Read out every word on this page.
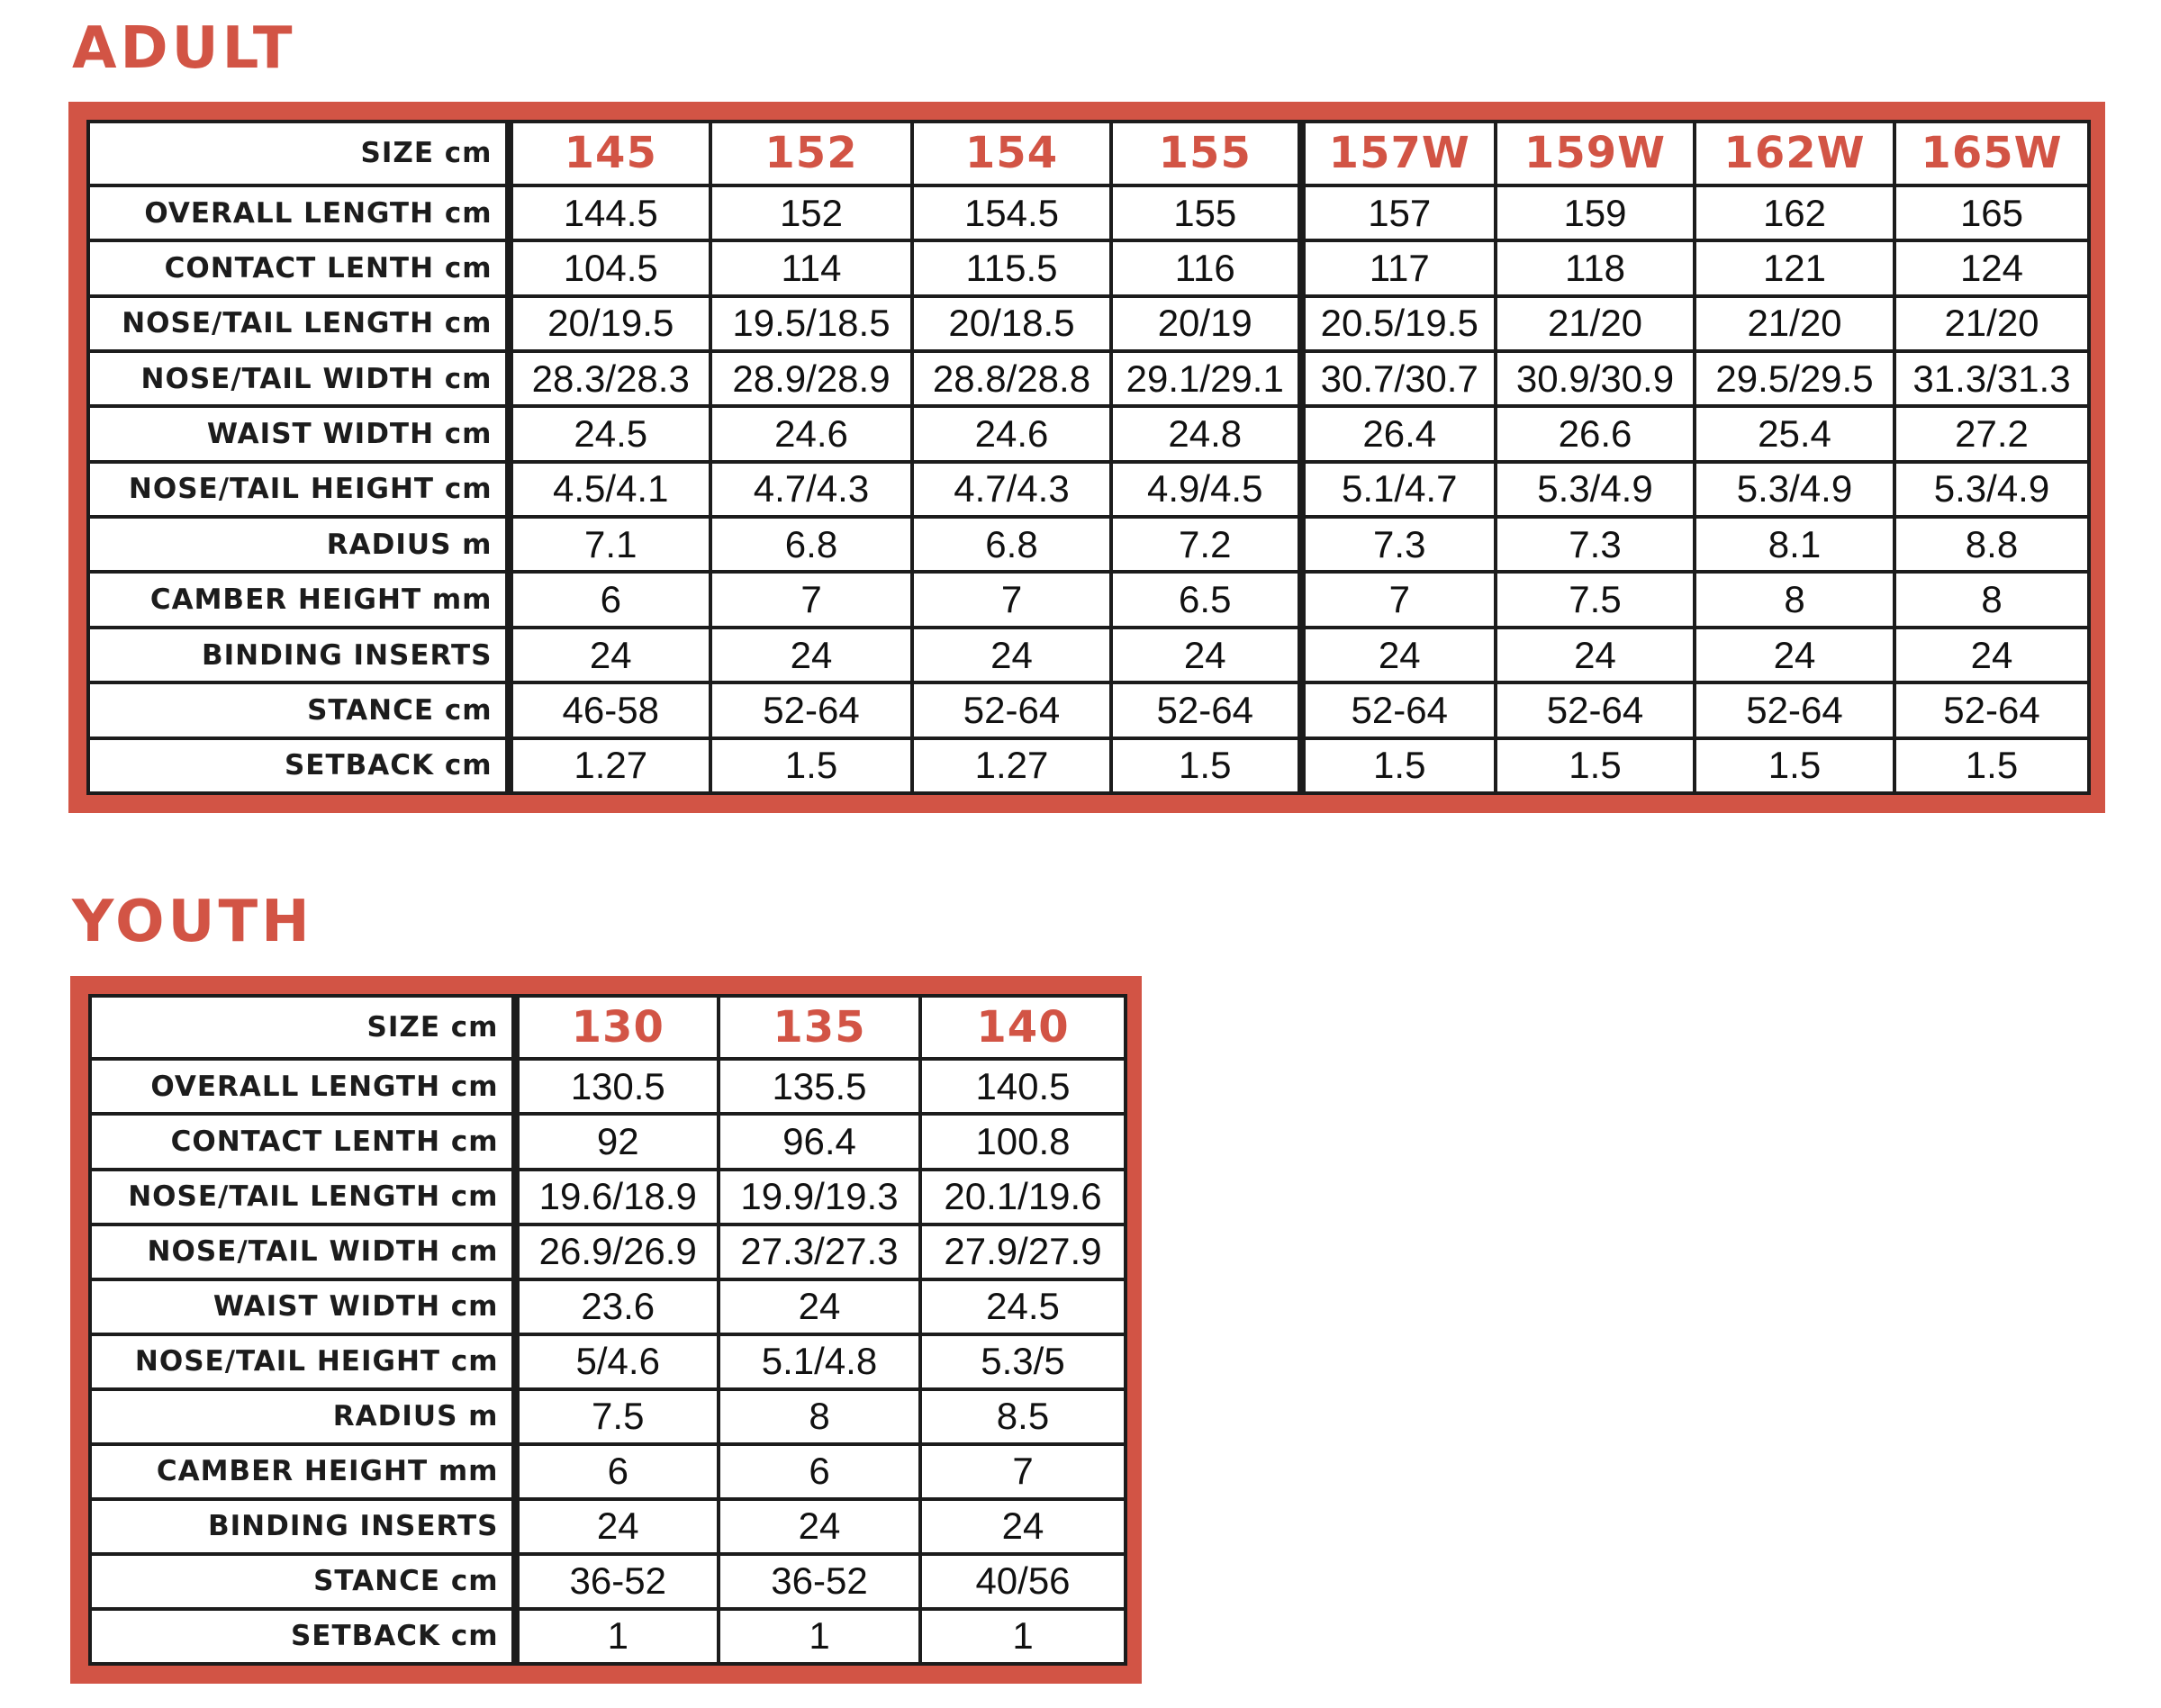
ADULT
SIZE cm	145	152	154	155	157W	159W	162W	165W
OVERALL LENGTH cm	144.5	152	154.5	155	157	159	162	165
CONTACT LENTH cm	104.5	114	115.5	116	117	118	121	124
NOSE/TAIL LENGTH cm	20/19.5	19.5/18.5	20/18.5	20/19	20.5/19.5	21/20	21/20	21/20
NOSE/TAIL WIDTH cm	28.3/28.3	28.9/28.9	28.8/28.8	29.1/29.1	30.7/30.7	30.9/30.9	29.5/29.5	31.3/31.3
WAIST WIDTH cm	24.5	24.6	24.6	24.8	26.4	26.6	25.4	27.2
NOSE/TAIL HEIGHT cm	4.5/4.1	4.7/4.3	4.7/4.3	4.9/4.5	5.1/4.7	5.3/4.9	5.3/4.9	5.3/4.9
RADIUS m	7.1	6.8	6.8	7.2	7.3	7.3	8.1	8.8
CAMBER HEIGHT mm	6	7	7	6.5	7	7.5	8	8
BINDING INSERTS	24	24	24	24	24	24	24	24
STANCE cm	46-58	52-64	52-64	52-64	52-64	52-64	52-64	52-64
SETBACK cm	1.27	1.5	1.27	1.5	1.5	1.5	1.5	1.5
YOUTH
SIZE cm	130	135	140
OVERALL LENGTH cm	130.5	135.5	140.5
CONTACT LENTH cm	92	96.4	100.8
NOSE/TAIL LENGTH cm	19.6/18.9	19.9/19.3	20.1/19.6
NOSE/TAIL WIDTH cm	26.9/26.9	27.3/27.3	27.9/27.9
WAIST WIDTH cm	23.6	24	24.5
NOSE/TAIL HEIGHT cm	5/4.6	5.1/4.8	5.3/5
RADIUS m	7.5	8	8.5
CAMBER HEIGHT mm	6	6	7
BINDING INSERTS	24	24	24
STANCE cm	36-52	36-52	40/56
SETBACK cm	1	1	1
